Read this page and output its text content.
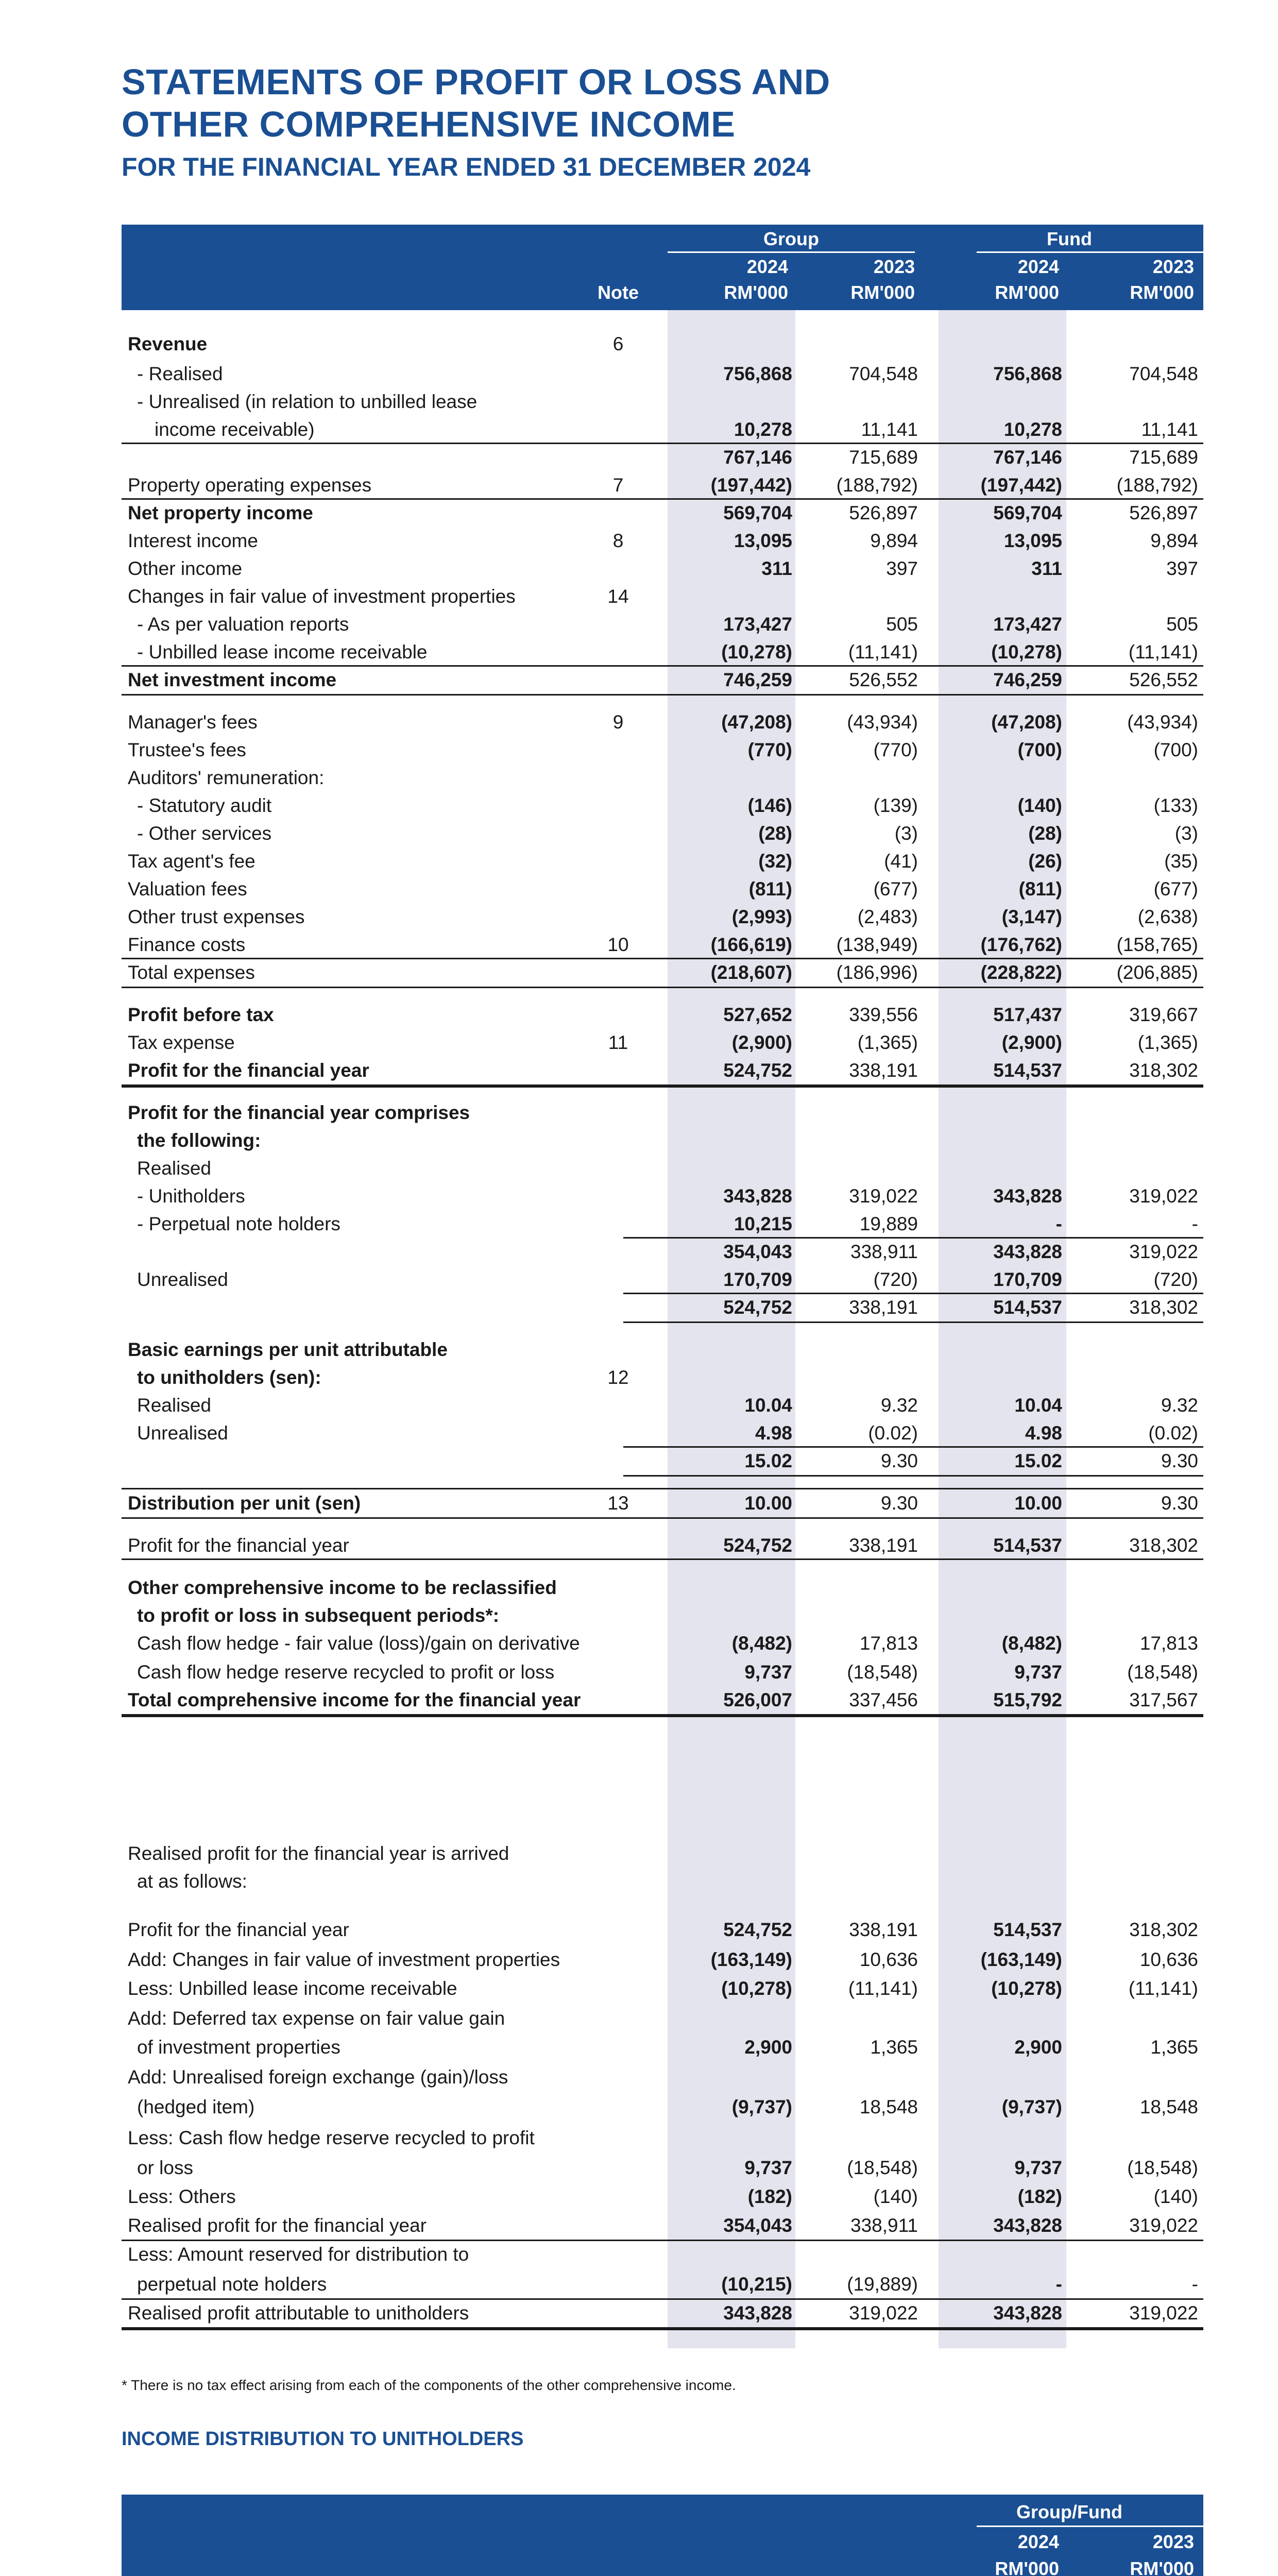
STATEMENTS OF PROFIT OR LOSS AND
OTHER COMPREHENSIVE INCOME
FOR THE FINANCIAL YEAR ENDED 31 DECEMBER 2024
Group	Fund
2024	2023	2024	2023
Note	RM'000	RM'000	RM'000	RM'000
Revenue	6
- Realised	756,868	704,548	756,868	704,548
- Unrealised (in relation to unbilled lease
income receivable)	10,278	11,141	10,278	11,141
767,146	715,689	767,146	715,689
Property operating expenses	7	(197,442)	(188,792)	(197,442)	(188,792)
Net property income	569,704	526,897	569,704	526,897
Interest income	8	13,095	9,894	13,095	9,894
Other income	311	397	311	397
Changes in fair value of investment properties	14
- As per valuation reports	173,427	505	173,427	505
- Unbilled lease income receivable	(10,278)	(11,141)	(10,278)	(11,141)
Net investment income	746,259	526,552	746,259	526,552
Manager's fees	9	(47,208)	(43,934)	(47,208)	(43,934)
Trustee's fees	(770)	(770)	(700)	(700)
Auditors' remuneration:
- Statutory audit	(146)	(139)	(140)	(133)
- Other services	(28)	(3)	(28)	(3)
Tax agent's fee	(32)	(41)	(26)	(35)
Valuation fees	(811)	(677)	(811)	(677)
Other trust expenses	(2,993)	(2,483)	(3,147)	(2,638)
Finance costs	10	(166,619)	(138,949)	(176,762)	(158,765)
Total expenses	(218,607)	(186,996)	(228,822)	(206,885)
Profit before tax	527,652	339,556	517,437	319,667
Tax expense	11	(2,900)	(1,365)	(2,900)	(1,365)
Profit for the financial year	524,752	338,191	514,537	318,302
Profit for the financial year comprises
the following:
Realised
- Unitholders	343,828	319,022	343,828	319,022
- Perpetual note holders	10,215	19,889	-	-
354,043	338,911	343,828	319,022
Unrealised	170,709	(720)	170,709	(720)
524,752	338,191	514,537	318,302
Basic earnings per unit attributable
to unitholders (sen):	12
Realised	10.04	9.32	10.04	9.32
Unrealised	4.98	(0.02)	4.98	(0.02)
15.02	9.30	15.02	9.30
Distribution per unit (sen)	13	10.00	9.30	10.00	9.30
Profit for the financial year	524,752	338,191	514,537	318,302
Other comprehensive income to be reclassified
to profit or loss in subsequent periods*:
Cash flow hedge - fair value (loss)/gain on derivative	(8,482)	17,813	(8,482)	17,813
Cash flow hedge reserve recycled to profit or loss	9,737	(18,548)	9,737	(18,548)
Total comprehensive income for the financial year	526,007	337,456	515,792	317,567
Realised profit for the financial year is arrived
at as follows:
Profit for the financial year	524,752	338,191	514,537	318,302
Add: Changes in fair value of investment properties	(163,149)	10,636	(163,149)	10,636
Less: Unbilled lease income receivable	(10,278)	(11,141)	(10,278)	(11,141)
Add: Deferred tax expense on fair value gain
of investment properties	2,900	1,365	2,900	1,365
Add: Unrealised foreign exchange (gain)/loss
(hedged item)	(9,737)	18,548	(9,737)	18,548
Less: Cash flow hedge reserve recycled to profit
or loss	9,737	(18,548)	9,737	(18,548)
Less: Others	(182)	(140)	(182)	(140)
Realised profit for the financial year	354,043	338,911	343,828	319,022
Less: Amount reserved for distribution to
perpetual note holders	(10,215)	(19,889)	-	-
Realised profit attributable to unitholders	343,828	319,022	343,828	319,022
* There is no tax effect arising from each of the components of the other comprehensive income.
INCOME DISTRIBUTION TO UNITHOLDERS
Group/Fund
2024	2023
RM'000	RM'000
